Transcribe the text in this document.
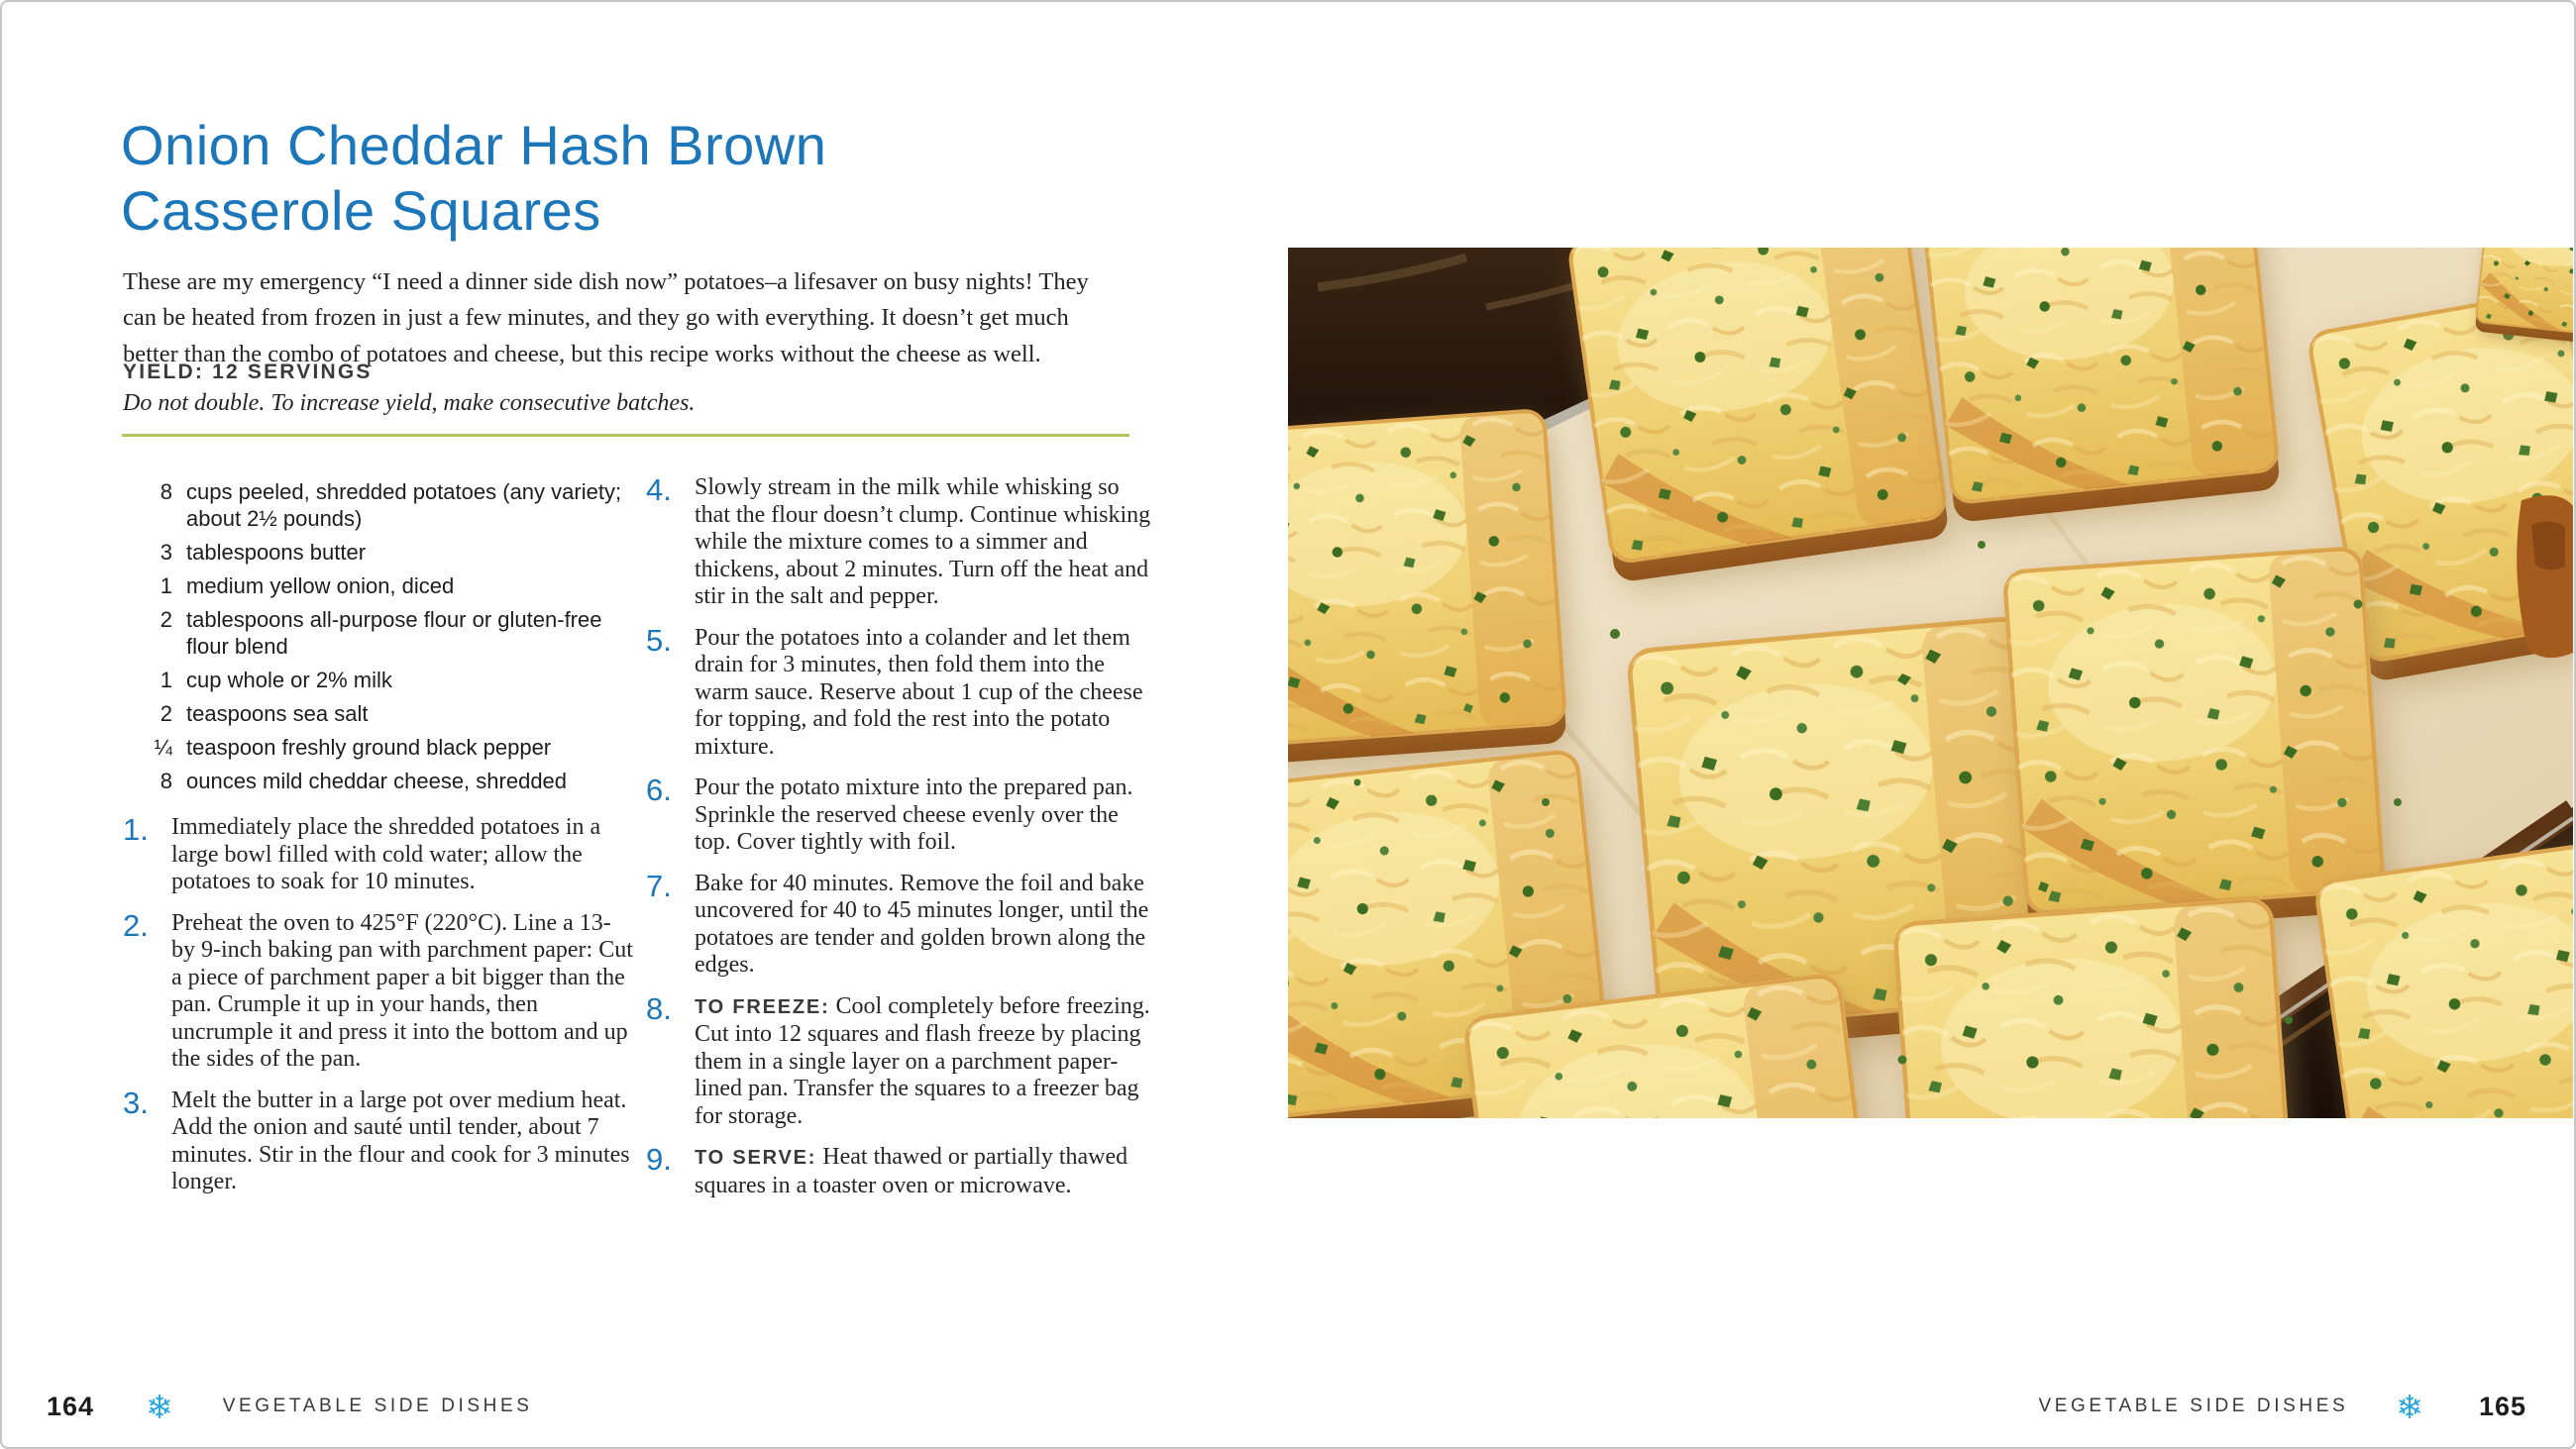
Onion Cheddar Hash Brown
Casserole Squares

These are my emergency “I need a dinner side dish now” potatoes–a lifesaver on busy nights! They can be heated from frozen in just a few minutes, and they go with everything. It doesn’t get much better than the combo of potatoes and cheese, but this recipe works without the cheese as well.

YIELD: 12 SERVINGS
Do not double. To increase yield, make consecutive batches.
8 cups peeled, shredded potatoes (any variety; about 2½ pounds)
3 tablespoons butter
1 medium yellow onion, diced
2 tablespoons all-purpose flour or gluten-free flour blend
1 cup whole or 2% milk
2 teaspoons sea salt
¼ teaspoon freshly ground black pepper
8 ounces mild cheddar cheese, shredded
1. Immediately place the shredded potatoes in a large bowl filled with cold water; allow the potatoes to soak for 10 minutes.
2. Preheat the oven to 425°F (220°C). Line a 13- by 9-inch baking pan with parchment paper: Cut a piece of parchment paper a bit bigger than the pan. Crumple it up in your hands, then uncrumple it and press it into the bottom and up the sides of the pan.
3. Melt the butter in a large pot over medium heat. Add the onion and sauté until tender, about 7 minutes. Stir in the flour and cook for 3 minutes longer.
4. Slowly stream in the milk while whisking so that the flour doesn’t clump. Continue whisking while the mixture comes to a simmer and thickens, about 2 minutes. Turn off the heat and stir in the salt and pepper.
5. Pour the potatoes into a colander and let them drain for 3 minutes, then fold them into the warm sauce. Reserve about 1 cup of the cheese for topping, and fold the rest into the potato mixture.
6. Pour the potato mixture into the prepared pan. Sprinkle the reserved cheese evenly over the top. Cover tightly with foil.
7. Bake for 40 minutes. Remove the foil and bake uncovered for 40 to 45 minutes longer, until the potatoes are tender and golden brown along the edges.
8.	TO FREEZE: Cool completely before freezing. Cut into 12 squares and flash freeze by placing them in a single layer on a parchment paper-lined pan. Transfer the squares to a freezer bag for storage.
9.	TO SERVE: Heat thawed or partially thawed squares in a toaster oven or microwave.
164 ❄	VEGETABLE SIDE DISHES	VEGETABLE SIDE DISHES ❄ 165
